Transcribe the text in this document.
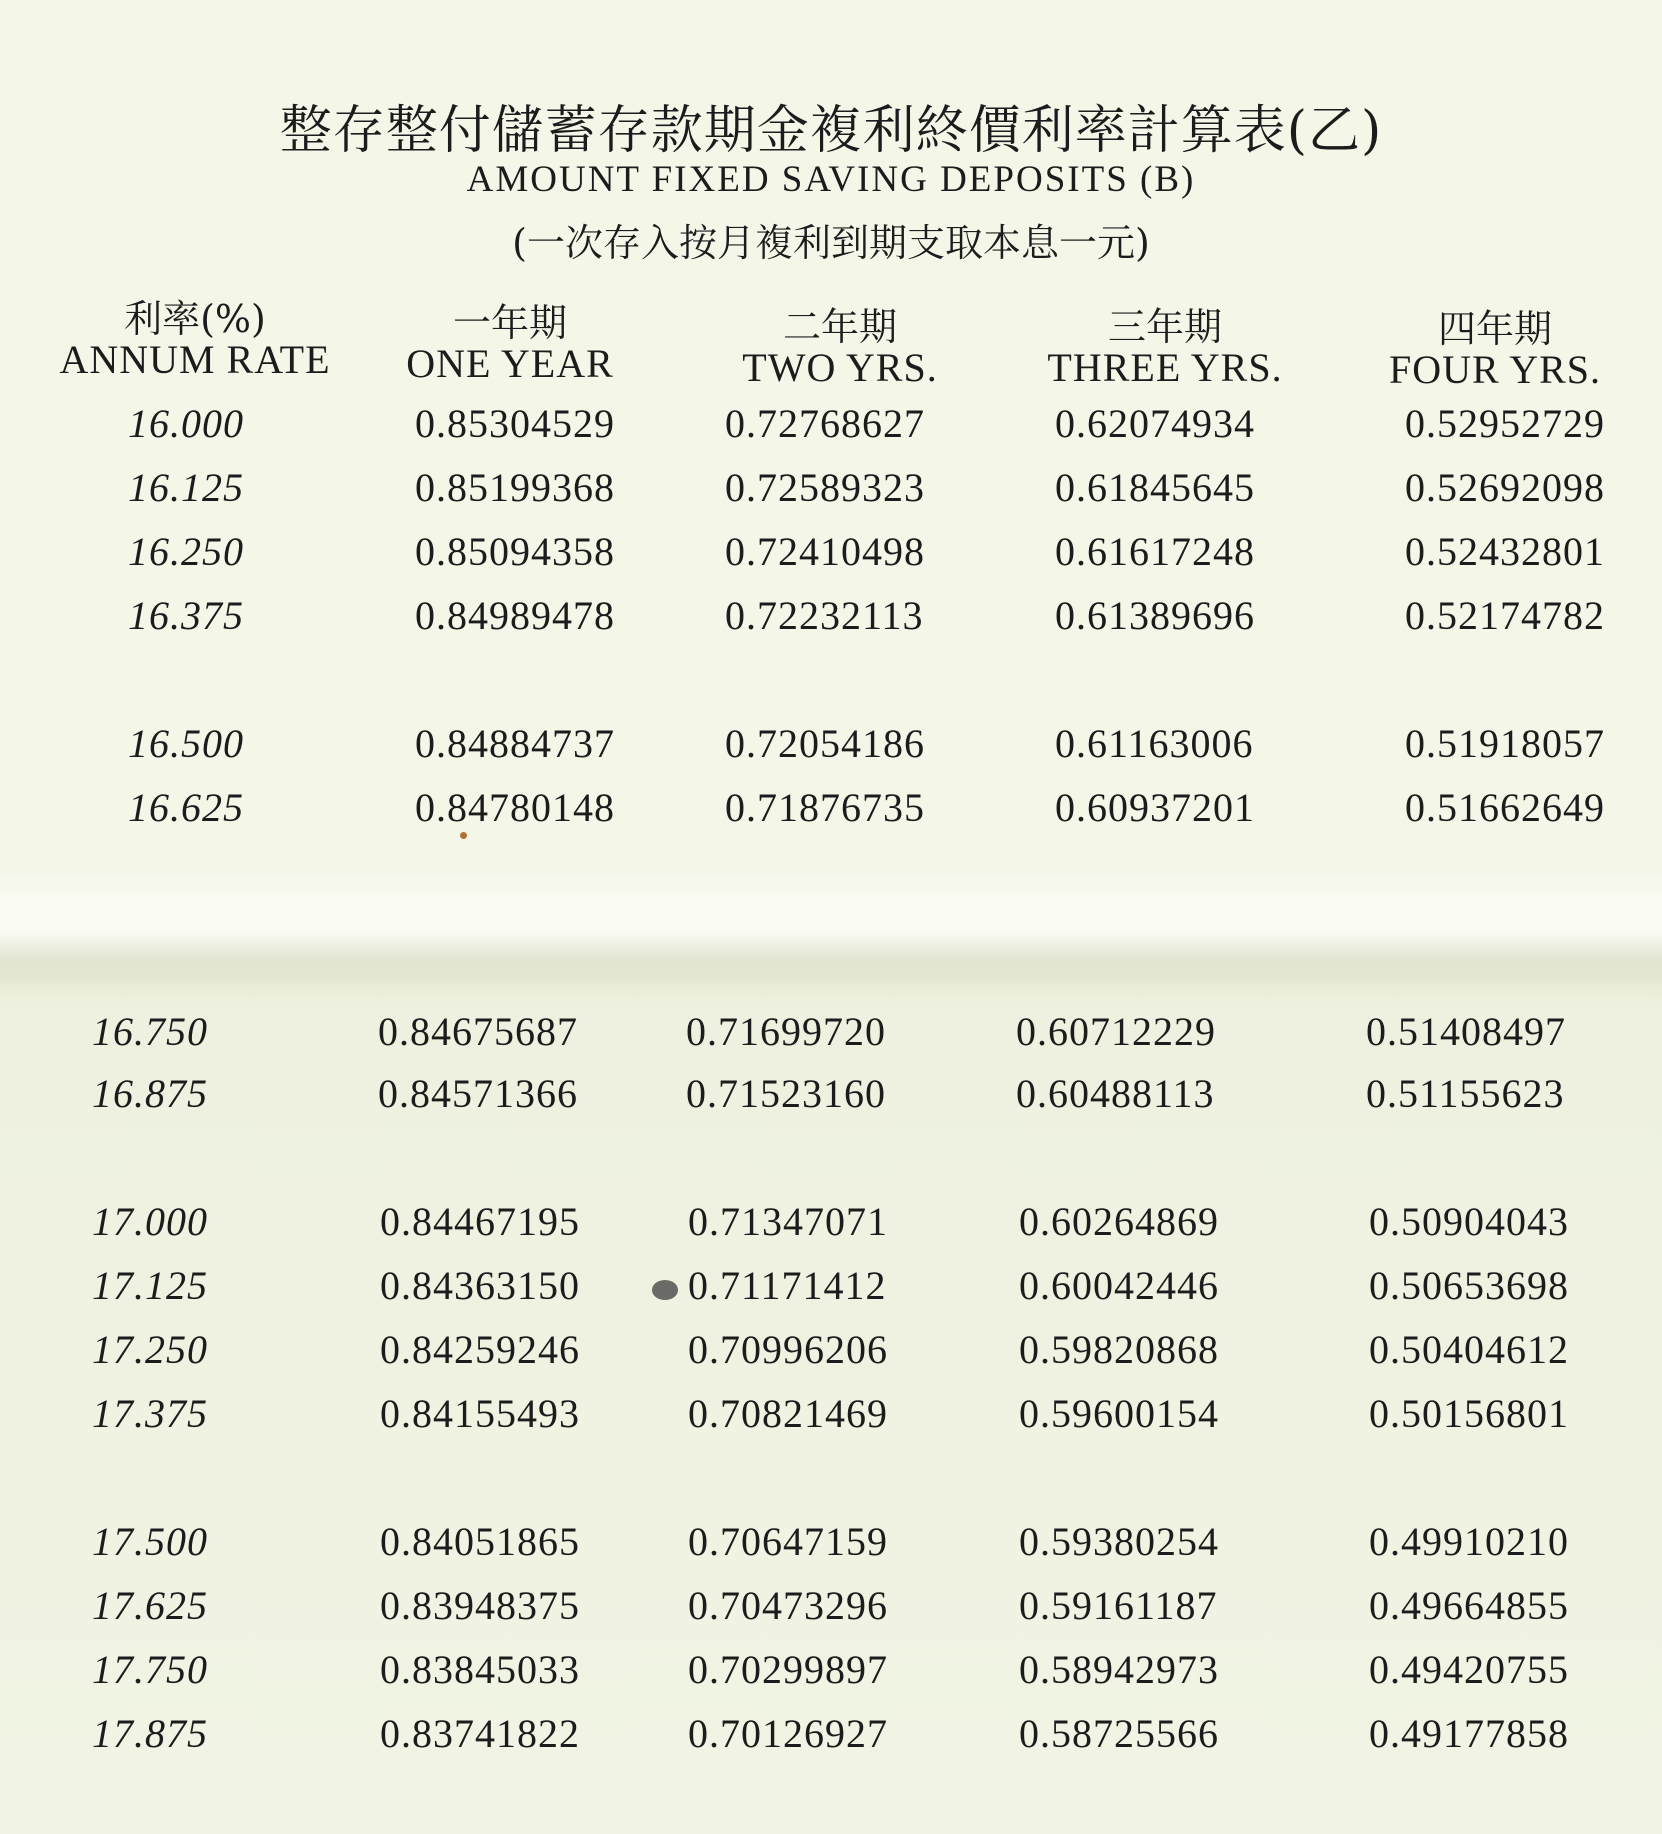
整存整付儲蓄存款期金複利終價利率計算表(乙)
AMOUNT FIXED SAVING DEPOSITS (B)
(一次存入按月複利到期支取本息一元)
利率(%)
ANNUM RATE
一年期
ONE YEAR
二年期
TWO YRS.
三年期
THREE YRS.
四年期
FOUR YRS.
16.000	0.85304529	0.72768627	0.62074934	0.52952729
16.125	0.85199368	0.72589323	0.61845645	0.52692098
16.250	0.85094358	0.72410498	0.61617248	0.52432801
16.375	0.84989478	0.72232113	0.61389696	0.52174782
16.500	0.84884737	0.72054186	0.61163006	0.51918057
16.625	0.84780148	0.71876735	0.60937201	0.51662649
16.750	0.84675687	0.71699720	0.60712229	0.51408497
16.875	0.84571366	0.71523160	0.60488113	0.51155623
17.000	0.84467195	0.71347071	0.60264869	0.50904043
17.125	0.84363150	0.71171412	0.60042446	0.50653698
17.250	0.84259246	0.70996206	0.59820868	0.50404612
17.375	0.84155493	0.70821469	0.59600154	0.50156801
17.500	0.84051865	0.70647159	0.59380254	0.49910210
17.625	0.83948375	0.70473296	0.59161187	0.49664855
17.750	0.83845033	0.70299897	0.58942973	0.49420755
17.875	0.83741822	0.70126927	0.58725566	0.49177858
